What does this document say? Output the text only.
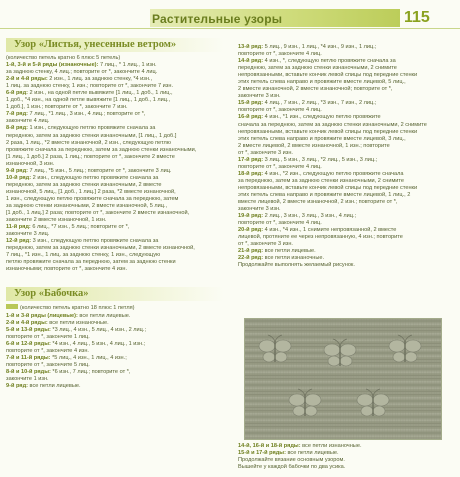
Растительные узоры	115
Узор «Листья, унесенные ветром»

(количество петель кратно 6 плюс 5 петель)

1-й, 3-й и 5-й ряды (изнаночные): 7 лиц., * 1 лиц., 1 изн.

за заднюю стенку, 4 лиц.; повторите от *, закончите 4 лиц.

2-й и 4-й ряды: 2 изн., 1 лиц. за заднюю стенку, *4 изн.,

1 лиц. за заднюю стенку, 1 изн.; повторите от *, закончите 7 изн.

6-й ряд: 2 изн., на одной петле вывяжите [1 лиц., 1 доб., 1 лиц.,

1 доб., *4 изн., на одной петле вывяжите [1 лиц., 1 доб., 1 лиц.,

1 доб.], 1 изн.; повторите от *, закончите 7 изн.

7-й ряд: 7 лиц., *1 лиц., 3 изн., 4 лиц.; повторите от *,

закончите 4 лиц.

8-й ряд: 1 изн., следующую петлю провяжите сначала за

переднюю, затем за заднюю стенки изнаночными, [1 лиц., 1 доб.]

2 раза, 1 лиц., *2 вместе изнаночной, 2 изн., следующую петлю

провяжите сначала за переднюю, затем за заднюю стенки изнаночными,

[1 лиц., 1 доб.] 2 раза, 1 лиц.; повторите от *, закончите 2 вместе

изнаночной, 3 изн.

9-й ряд: 7 лиц., *5 изн., 5 лиц.; повторите от *, закончите 3 лиц.

10-й ряд: 2 изн., следующую петлю провяжите сначала за

переднюю, затем за заднюю стенки изнаночными, 2 вместе

изнаночной, 5 лиц., [1 доб., 1 лиц.] 2 раза, *2 вместе изнаночной,

1 изн., следующую петлю провяжите сначала за переднюю, затем

за заднюю стенки изнаночными, 2 вместе изнаночной, 5 лиц.,

[1 доб., 1 лиц.] 2 раза; повторите от *, закончите 2 вместе изнаночной,

закончите 2 вместе изнаночной, 1 изн.

11-й ряд: 6 лиц., *7 изн., 5 лиц.; повторите от *,

закончите 3 лиц.

12-й ряд: 3 изн., следующую петлю провяжите сначала за

переднюю, затем за заднюю стенки изнаночными, 2 вместе изнаночной,

7 лиц., *1 изн., 1 лиц. за заднюю стенку, 1 изн., следующую

петлю провяжите сначала за переднюю, затем за заднюю стенки

изнаночными; повторите от *, закончите 4 изн.

Узор «Бабочка»

(количество петель кратно 18 плюс 1 петля)

1-й и 3-й ряды (лицевые): все петли лицевые.

2-й и 4-й ряды: все петли изнаночные.

5-й и 13-й ряды: *3 лиц., 4 изн., 5 лиц., 4 изн., 2 лиц.;

повторите от *, закончите 1 лиц.

6-й и 12-й ряды: *4 изн., 4 лиц., 5 изн., 4 лиц., 1 изн.;

повторите от *, закончите 4 изн.

7-й и 11-й ряды: *5 лиц., 4 изн., 1 лиц., 4 изн.;

повторите от *, закончите 5 лиц.

8-й и 10-й ряды: *6 изн., 7 лиц.; повторите от *,

закончите 1 изн.

9-й ряд: все петли лицевые.

13-й ряд: 5 лиц., 9 изн., 1 лиц., *4 изн., 9 изн., 1 лиц.;

повторите от *, закончите 4 лиц.

14-й ряд: 4 изн., *, следующую петлю провяжите сначала за

переднюю, затем за заднюю стенки изнаночными, 2 снимите

непровязанными, вставьте кончик левой спицы под передние стенки

этих петель слева направо и провяжите вместе лицевой, 5 лиц.,

2 вместе изнаночной, 2 вместе изнаночной; повторите от *,

закончите 3 изн.

15-й ряд: 4 лиц., 7 изн., 2 лиц., *3 изн., 7 изн., 2 лиц.;

повторите от *, закончите 4 лиц.

16-й ряд: 4 изн., *1 изн., следующую петлю провяжите

сначала за переднюю, затем за заднюю стенки изнаночными, 2 снимите

непровязанными, вставьте кончик левой спицы под передние стенки

этих петель слева направо и провяжите вместе лицевой, 3 лиц.,

2 вместе лицевой, 2 вместе изнаночной, 1 изн.; повторите

от *, закончите 3 изн.

17-й ряд: 3 лиц., 5 изн., 3 лиц., *2 лиц., 5 изн., 3 лиц.;

повторите от *, закончите 4 лиц.

18-й ряд: 4 изн., *2 изн., следующую петлю провяжите сначала

за переднюю, затем за заднюю стенки изнаночными, 2 снимите

непровязанными, вставьте кончик левой спицы под передние стенки

этих петель слева направо и провяжите вместе лицевой, 1 лиц., 2

вместе лицевой, 2 вместе изнаночной, 2 изн.; повторите от *,

закончите 3 изн.

19-й ряд: 2 лиц., 3 изн., 3 лиц., 3 изн., 4 лиц.;

повторите от *, закончите 4 лиц.

20-й ряд: 4 изн., *4 изн., 1 снимите непровязанной, 2 вместе

лицевой, протяните ее через непровязанную, 4 изн.; повторите

от *, закончите 3 изн.

21-й ряд: все петли лицевые.

22-й ряд: все петли изнаночные.

Продолжайте выполнять желаемый рисунок.

14-й, 16-й и 18-й ряды: все петли изнаночные.

15-й и 17-й ряды: все петли лицевые.

Продолжайте вязание основным узором.

Вышейте у каждой бабочки по два усика.
